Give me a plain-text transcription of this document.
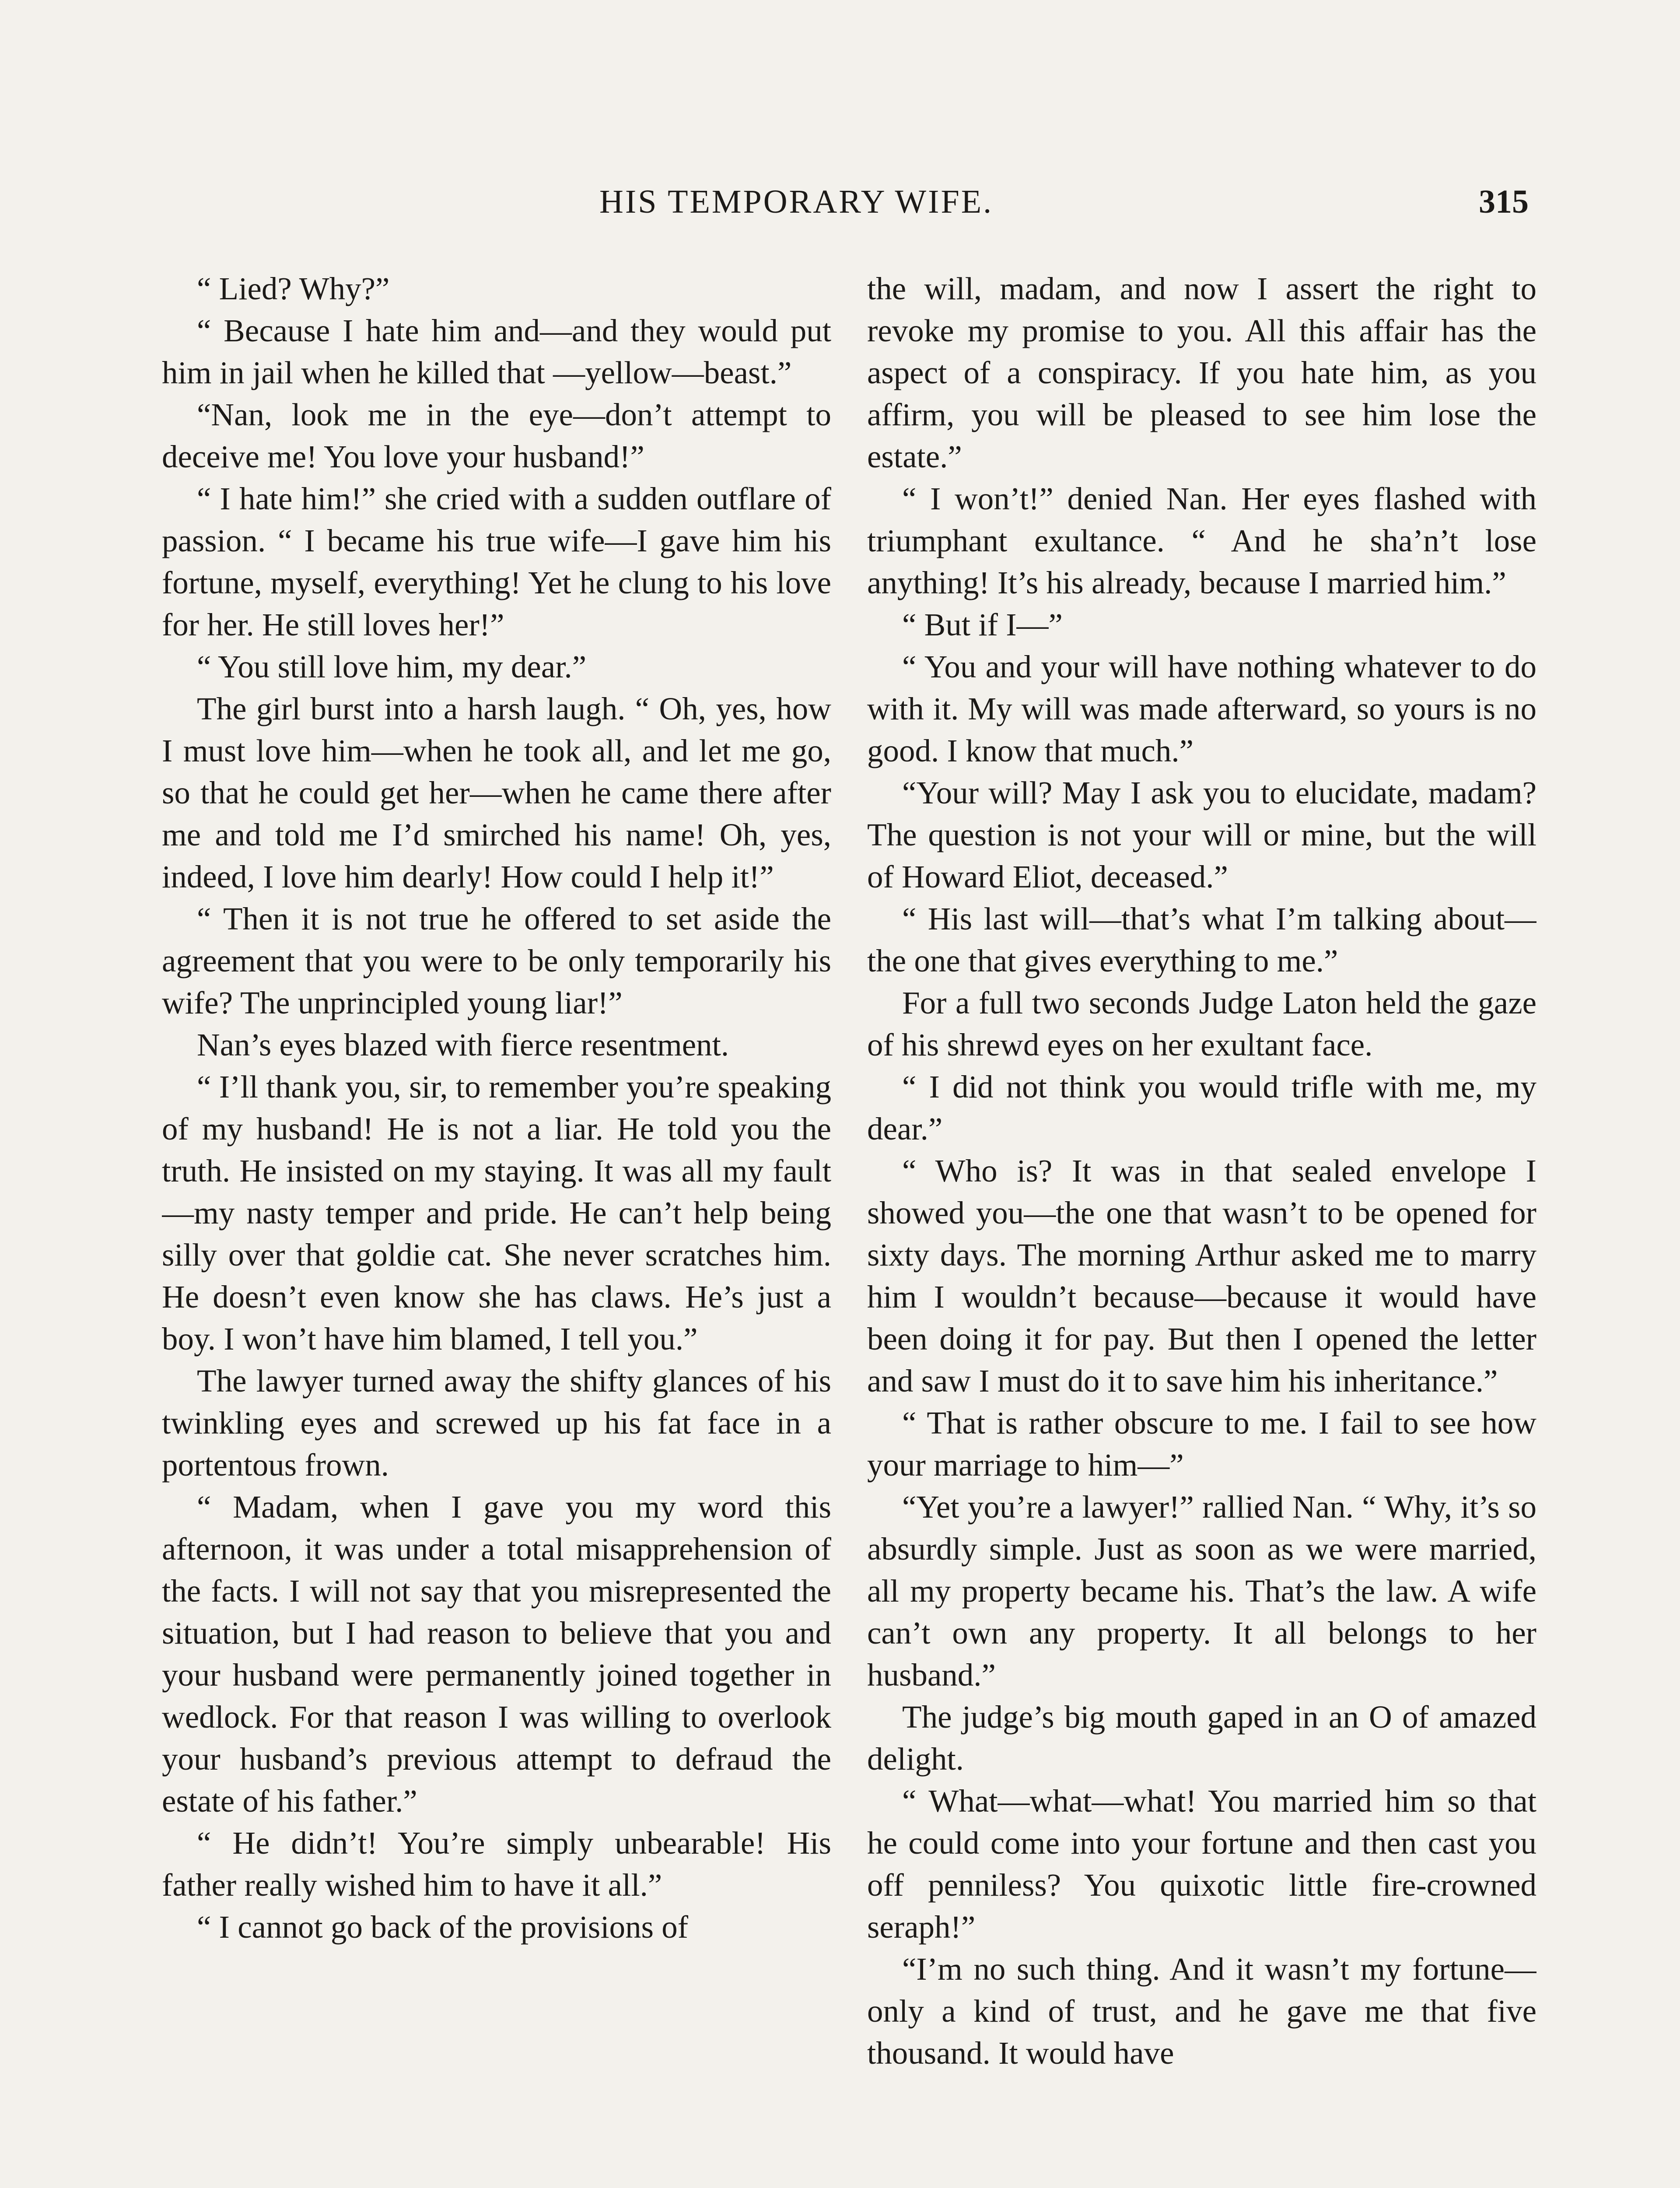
HIS TEMPORARY WIFE.	315

“ Lied? Why?”

“ Because I hate him and—and they would put him in jail when he killed that —yellow—beast.”

“Nan, look me in the eye—don’t attempt to deceive me! You love your husband!”

“ I hate him!” she cried with a sudden outflare of passion. “ I became his true wife—I gave him his fortune, myself, everything! Yet he clung to his love for her. He still loves her!”

“ You still love him, my dear.”

The girl burst into a harsh laugh. “ Oh, yes, how I must love him—when he took all, and let me go, so that he could get her—when he came there after me and told me I’d smirched his name! Oh, yes, indeed, I love him dearly! How could I help it!”

“ Then it is not true he offered to set aside the agreement that you were to be only temporarily his wife? The unprincipled young liar!”

Nan’s eyes blazed with fierce resentment.

“ I’ll thank you, sir, to remember you’re speaking of my husband! He is not a liar. He told you the truth. He insisted on my staying. It was all my fault—my nasty temper and pride. He can’t help being silly over that goldie cat. She never scratches him. He doesn’t even know she has claws. He’s just a boy. I won’t have him blamed, I tell you.”

The lawyer turned away the shifty glances of his twinkling eyes and screwed up his fat face in a portentous frown.

“ Madam, when I gave you my word this afternoon, it was under a total misapprehension of the facts. I will not say that you misrepresented the situation, but I had reason to believe that you and your husband were permanently joined together in wedlock. For that reason I was willing to overlook your husband’s previous attempt to defraud the estate of his father.”

“ He didn’t! You’re simply unbearable! His father really wished him to have it all.”

“ I cannot go back of the provisions of

the will, madam, and now I assert the right to revoke my promise to you. All this affair has the aspect of a conspiracy. If you hate him, as you affirm, you will be pleased to see him lose the estate.”

“ I won’t!” denied Nan. Her eyes flashed with triumphant exultance. “ And he sha’n’t lose anything! It’s his already, because I married him.”

“ But if I—”

“ You and your will have nothing whatever to do with it. My will was made afterward, so yours is no good. I know that much.”

“Your will? May I ask you to elucidate, madam? The question is not your will or mine, but the will of Howard Eliot, deceased.”

“ His last will—that’s what I’m talking about—the one that gives everything to me.”

For a full two seconds Judge Laton held the gaze of his shrewd eyes on her exultant face.

“ I did not think you would trifle with me, my dear.”

“ Who is? It was in that sealed envelope I showed you—the one that wasn’t to be opened for sixty days. The morning Arthur asked me to marry him I wouldn’t because—because it would have been doing it for pay. But then I opened the letter and saw I must do it to save him his inheritance.”

“ That is rather obscure to me. I fail to see how your marriage to him—”

“Yet you’re a lawyer!” rallied Nan. “ Why, it’s so absurdly simple. Just as soon as we were married, all my property became his. That’s the law. A wife can’t own any property. It all belongs to her husband.”

The judge’s big mouth gaped in an O of amazed delight.

“ What—what—what! You married him so that he could come into your fortune and then cast you off penniless? You quixotic little fire-crowned seraph!”

“I’m no such thing. And it wasn’t my fortune—only a kind of trust, and he gave me that five thousand. It would have
